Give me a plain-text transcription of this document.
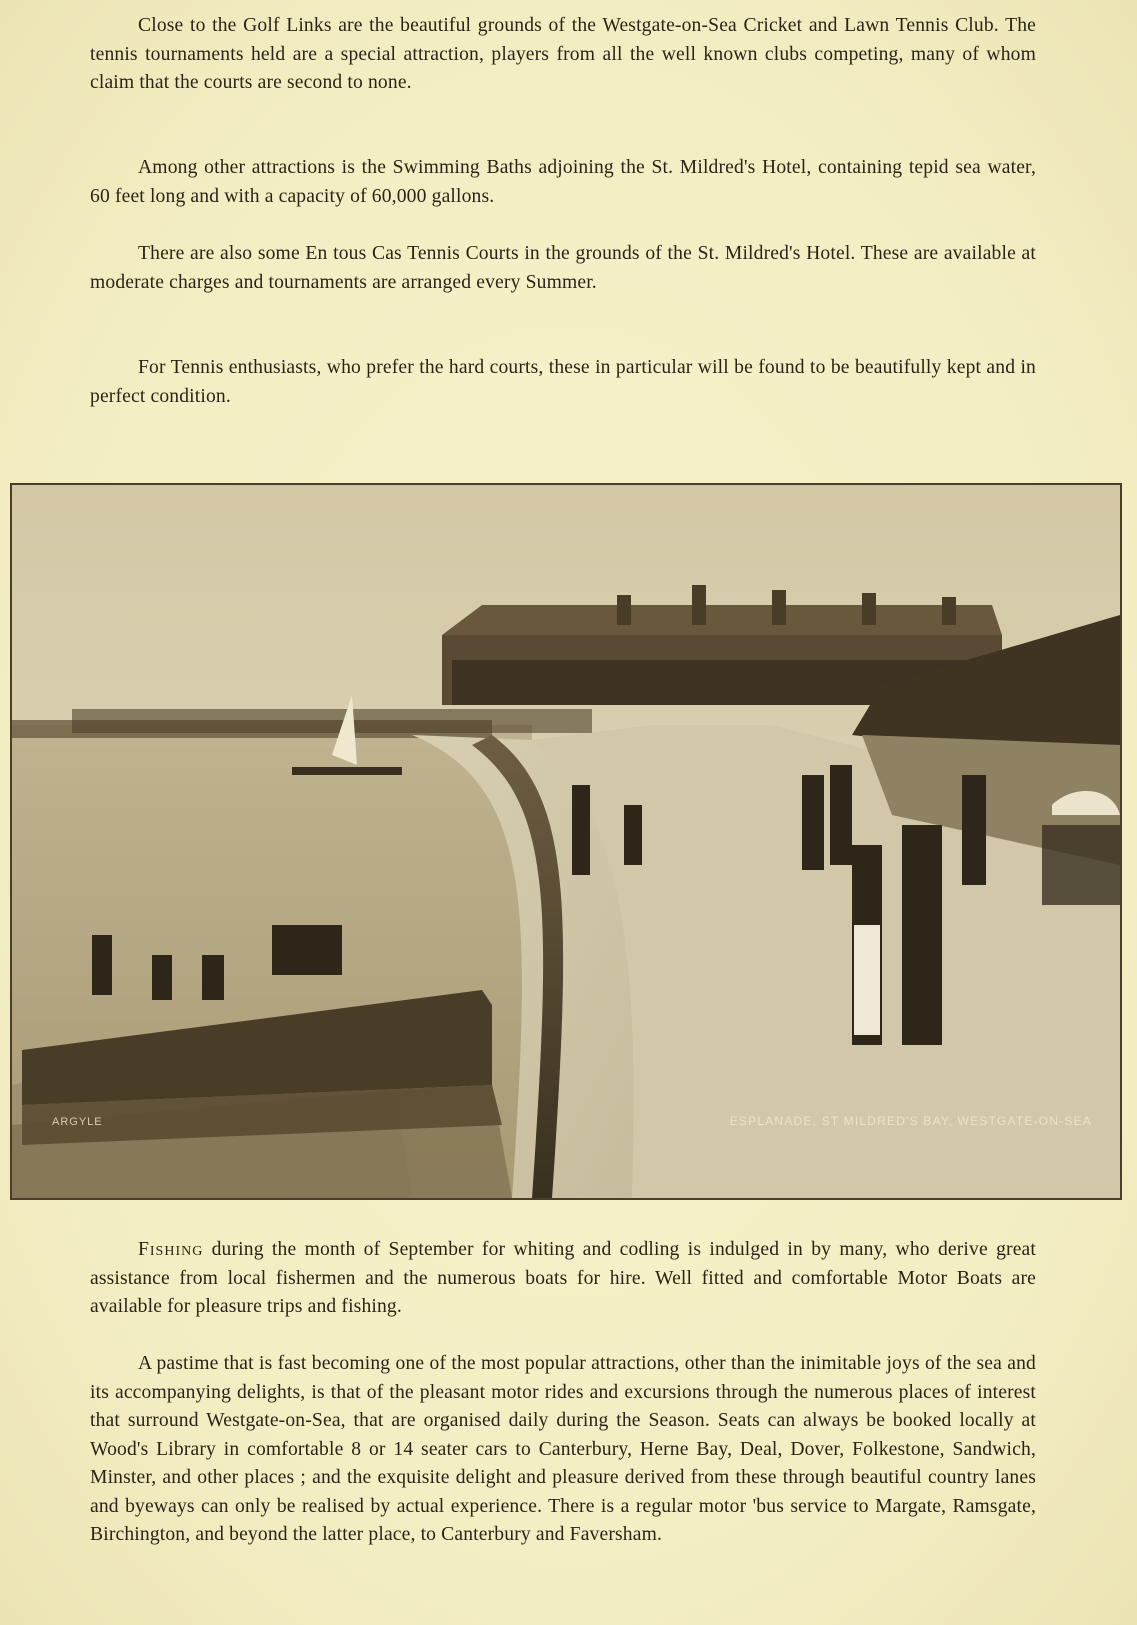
Close to the Golf Links are the beautiful grounds of the Westgate-on-Sea Cricket and Lawn Tennis Club. The tennis tournaments held are a special attraction, players from all the well known clubs competing, many of whom claim that the courts are second to none.

Among other attractions is the Swimming Baths adjoining the St. Mildred's Hotel, containing tepid sea water, 60 feet long and with a capacity of 60,000 gallons.

There are also some En tous Cas Tennis Courts in the grounds of the St. Mildred's Hotel. These are available at moderate charges and tournaments are arranged every Summer.

For Tennis enthusiasts, who prefer the hard courts, these in particular will be found to be beautifully kept and in perfect condition.

ESPLANADE, ST MILDRED'S BAY, WESTGATE-ON-SEA
ARGYLE

Fishing during the month of September for whiting and codling is indulged in by many, who derive great assistance from local fishermen and the numerous boats for hire. Well fitted and comfortable Motor Boats are available for pleasure trips and fishing.

A pastime that is fast becoming one of the most popular attractions, other than the inimitable joys of the sea and its accompanying delights, is that of the pleasant motor rides and excursions through the numerous places of interest that surround Westgate-on-Sea, that are organised daily during the Season. Seats can always be booked locally at Wood's Library in comfortable 8 or 14 seater cars to Canterbury, Herne Bay, Deal, Dover, Folkestone, Sandwich, Minster, and other places ; and the exquisite delight and pleasure derived from these through beautiful country lanes and byeways can only be realised by actual experience. There is a regular motor 'bus service to Margate, Ramsgate, Birchington, and beyond the latter place, to Canterbury and Faversham.
